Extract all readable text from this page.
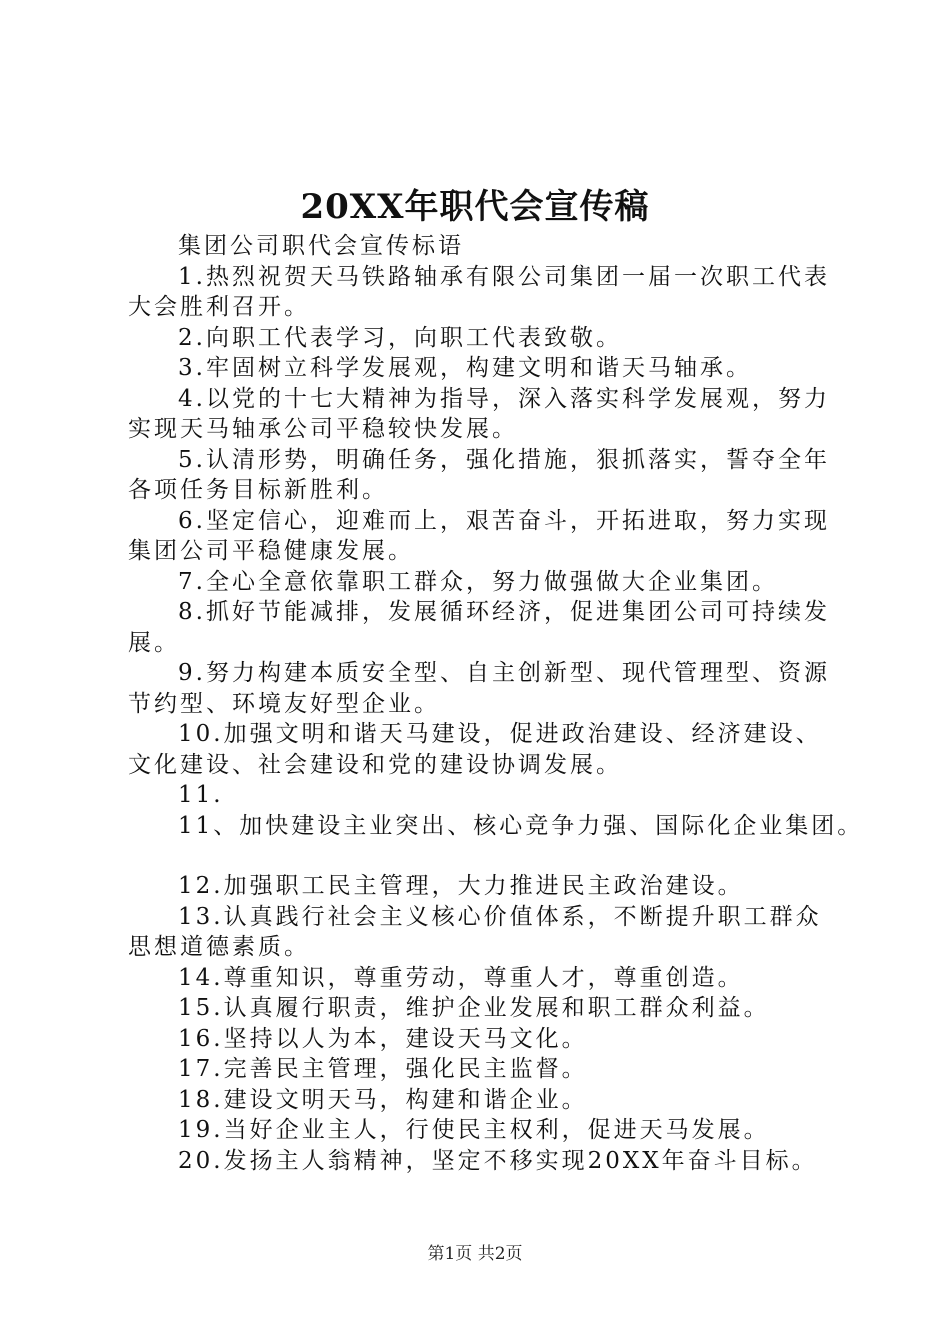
20XX年职代会宣传稿

集团公司职代会宣传标语

1.热烈祝贺天马铁路轴承有限公司集团一届一次职工代表大会胜利召开。

2.向职工代表学习，向职工代表致敬。

3.牢固树立科学发展观，构建文明和谐天马轴承。

4.以党的十七大精神为指导，深入落实科学发展观，努力实现天马轴承公司平稳较快发展。

5.认清形势，明确任务，强化措施，狠抓落实，誓夺全年各项任务目标新胜利。

6.坚定信心，迎难而上，艰苦奋斗，开拓进取，努力实现集团公司平稳健康发展。

7.全心全意依靠职工群众，努力做强做大企业集团。

8.抓好节能减排，发展循环经济，促进集团公司可持续发展。

9.努力构建本质安全型、自主创新型、现代管理型、资源节约型、环境友好型企业。

10.加强文明和谐天马建设，促进政治建设、经济建设、文化建设、社会建设和党的建设协调发展。

11.

11、加快建设主业突出、核心竞争力强、国际化企业集团。

12.加强职工民主管理，大力推进民主政治建设。

13.认真践行社会主义核心价值体系，不断提升职工群众思想道德素质。

14.尊重知识，尊重劳动，尊重人才，尊重创造。

15.认真履行职责，维护企业发展和职工群众利益。

16.坚持以人为本，建设天马文化。

17.完善民主管理，强化民主监督。

18.建设文明天马，构建和谐企业。

19.当好企业主人，行使民主权利，促进天马发展。

20.发扬主人翁精神，坚定不移实现20XX年奋斗目标。

第1页 共2页
